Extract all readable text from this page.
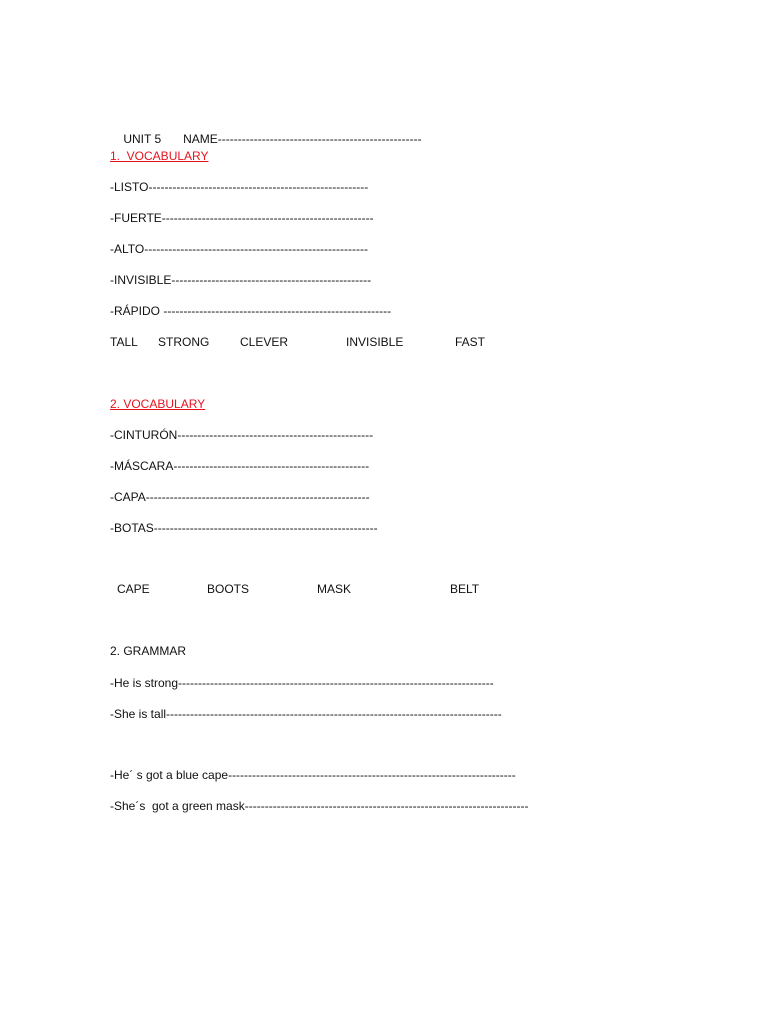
UNIT 5 NAME---------------------------------------------------

1.  VOCABULARY
-LISTO-------------------------------------------------------
-FUERTE-----------------------------------------------------
-ALTO--------------------------------------------------------
-INVISIBLE--------------------------------------------------
-RÁPIDO ---------------------------------------------------------
TALL STRONG	CLEVER	INVISIBLE	FAST
2. VOCABULARY
-CINTURÓN-------------------------------------------------
-MÁSCARA-------------------------------------------------
-CAPA--------------------------------------------------------
-BOTAS--------------------------------------------------------
CAPE	BOOTS	MASK	BELT
2. GRAMMAR
-He is strong-------------------------------------------------------------------------------
-She is tall------------------------------------------------------------------------------------
-He´ s got a blue cape------------------------------------------------------------------------
-She´s  got a green mask-----------------------------------------------------------------------
